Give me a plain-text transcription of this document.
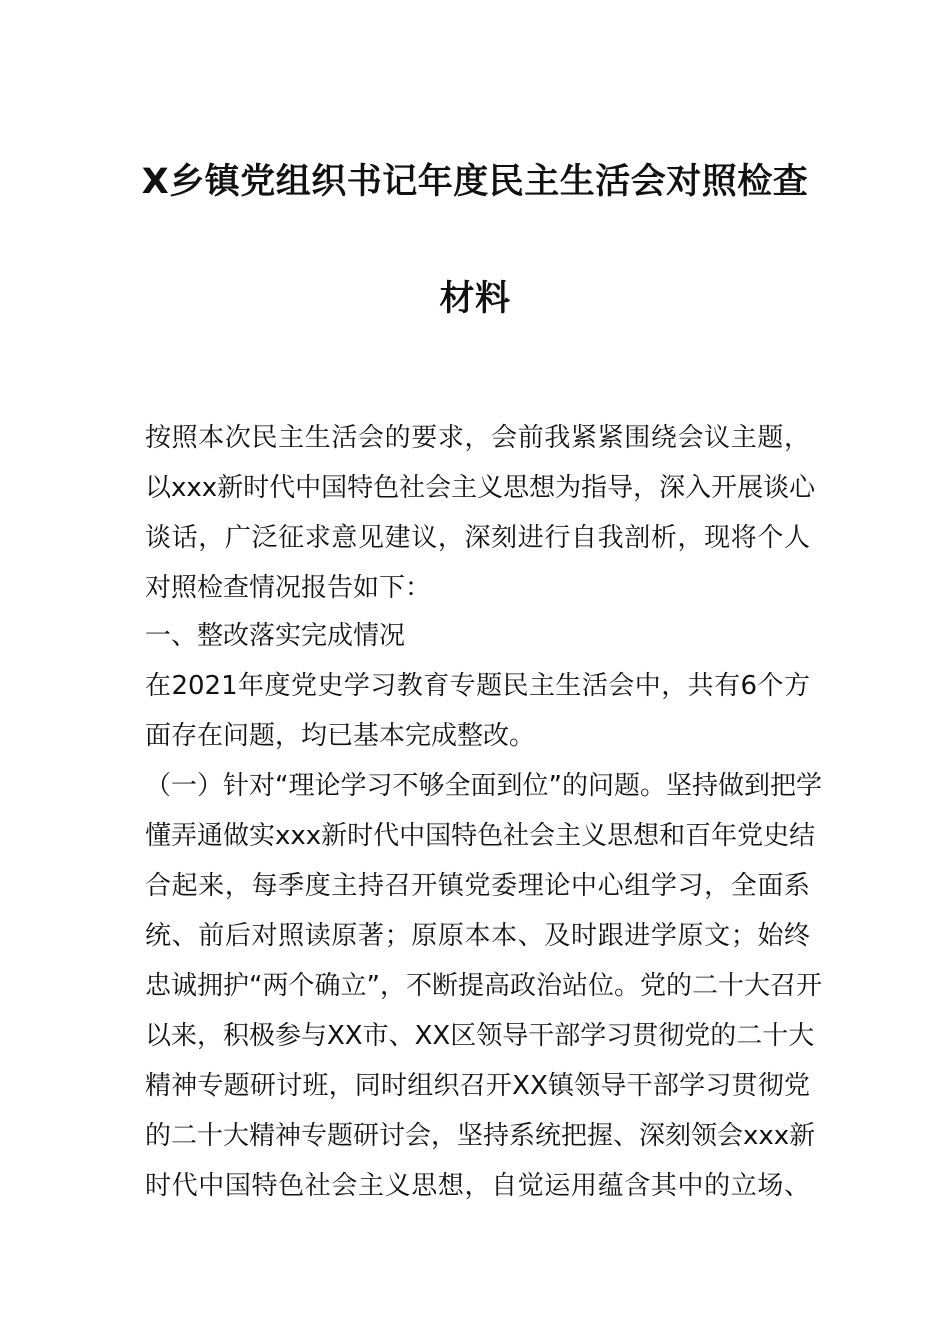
X乡镇党组织书记年度民主生活会对照检查
材料
按照本次民主生活会的要求，会前我紧紧围绕会议主题，
以xxx新时代中国特色社会主义思想为指导，深入开展谈心
谈话，广泛征求意见建议，深刻进行自我剖析，现将个人
对照检查情况报告如下：
一、整改落实完成情况
在2021年度党史学习教育专题民主生活会中，共有6个方
面存在问题，均已基本完成整改。
（一）针对“理论学习不够全面到位”的问题。坚持做到把学
懂弄通做实xxx新时代中国特色社会主义思想和百年党史结
合起来，每季度主持召开镇党委理论中心组学习，全面系
统、前后对照读原著；原原本本、及时跟进学原文；始终
忠诚拥护“两个确立”，不断提高政治站位。党的二十大召开
以来，积极参与XX市、XX区领导干部学习贯彻党的二十大
精神专题研讨班，同时组织召开XX镇领导干部学习贯彻党
的二十大精神专题研讨会，坚持系统把握、深刻领会xxx新
时代中国特色社会主义思想，自觉运用蕴含其中的立场、
